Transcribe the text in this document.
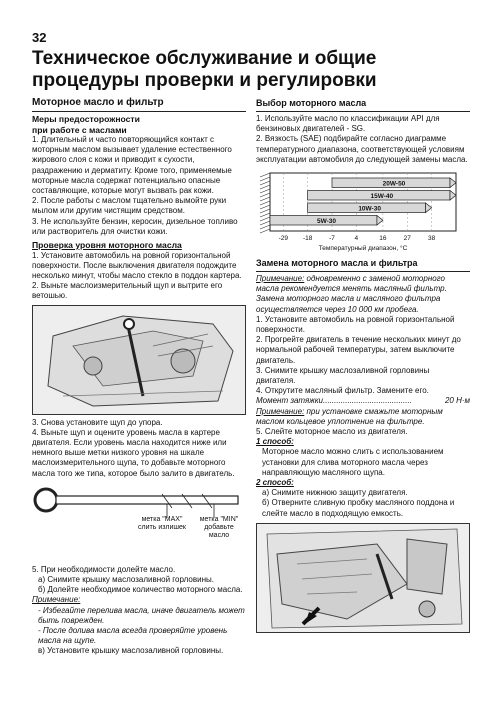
32
Техническое обслуживание и общие процедуры проверки и регулировки
Моторное масло и фильтр
Меры предосторожности
при работе с маслами

1. Длительный и часто повторяющийся контакт с моторным маслом вызывает удаление естественного жирового слоя с кожи и приводит к сухости, раздражению и дерматиту. Кроме того, применяемые моторные масла содержат потенциально опасные составляющие, которые могут вызвать рак кожи.

2. После работы с маслом тщательно вымойте руки мылом или другим чистящим средством.

3. Не используйте бензин, керосин, дизельное топливо или растворитель для очистки кожи.

Проверка уровня моторного масла

1. Установите автомобиль на ровной горизонтальной поверхности. После выключения двигателя подождите несколько минут, чтобы масло стекло в поддон картера.

2. Выньте маслоизмерительный щуп и вытрите его ветошью.

3. Снова установите щуп до упора.

4. Выньте щуп и оцените уровень масла в картере двигателя. Если уровень масла находится ниже или немного выше метки низкого уровня на шкале маслоизмерительного щупа, то добавьте моторного масла того же типа, которое было залито в двигатель.

метка "MAX"
слить излишек
метка "MIN"
добавьте масло

5. При необходимости долейте масло.

а) Снимите крышку маслозаливной горловины.

б) Долейте необходимое количество моторного масла.

Примечание:

- Избегайте перелива масла, иначе двигатель может быть поврежден.

- После долива масла всегда проверяйте уровень масла на щупе.

в) Установите крышку маслозаливной горловины.

Выбор моторного масла

1. Используйте масло по классификации API для бензиновых двигателей - SG.

2. Вязкость (SAE) подбирайте согласно диаграмме температурного диапазона, соответствующей условиям эксплуатации автомобиля до следующей замены масла.

-29 -18	-7	4	16	27	38
20W-50
15W-40
10W-30
5W-30
Температурный диапазон, °С
Замена моторного масла и фильтра

Примечание: одновременно с заменой моторного масла рекомендуется менять масляный фильтр. Замена моторного масла и масляного фильтра осуществляется через 10 000 км пробега.

1. Установите автомобиль на ровной горизонтальной поверхности.

2. Прогрейте двигатель в течение нескольких минут до нормальной рабочей температуры, затем выключите двигатель.

3. Снимите крышку маслозаливной горловины двигателя.

4. Открутите масляный фильтр. Замените его.

Момент затяжки ........................................	20 Н·м

Примечание: при установке смажьте моторным маслом кольцевое уплотнение на фильтре.

5. Слейте моторное масло из двигателя.

1 способ:

Моторное масло можно слить с использованием установки для слива моторного масла через направляющую масляного щупа.

2 способ:

а) Снимите нижнюю защиту двигателя.

б) Отверните сливную пробку масляного поддона и слейте масло в подходящую емкость.
